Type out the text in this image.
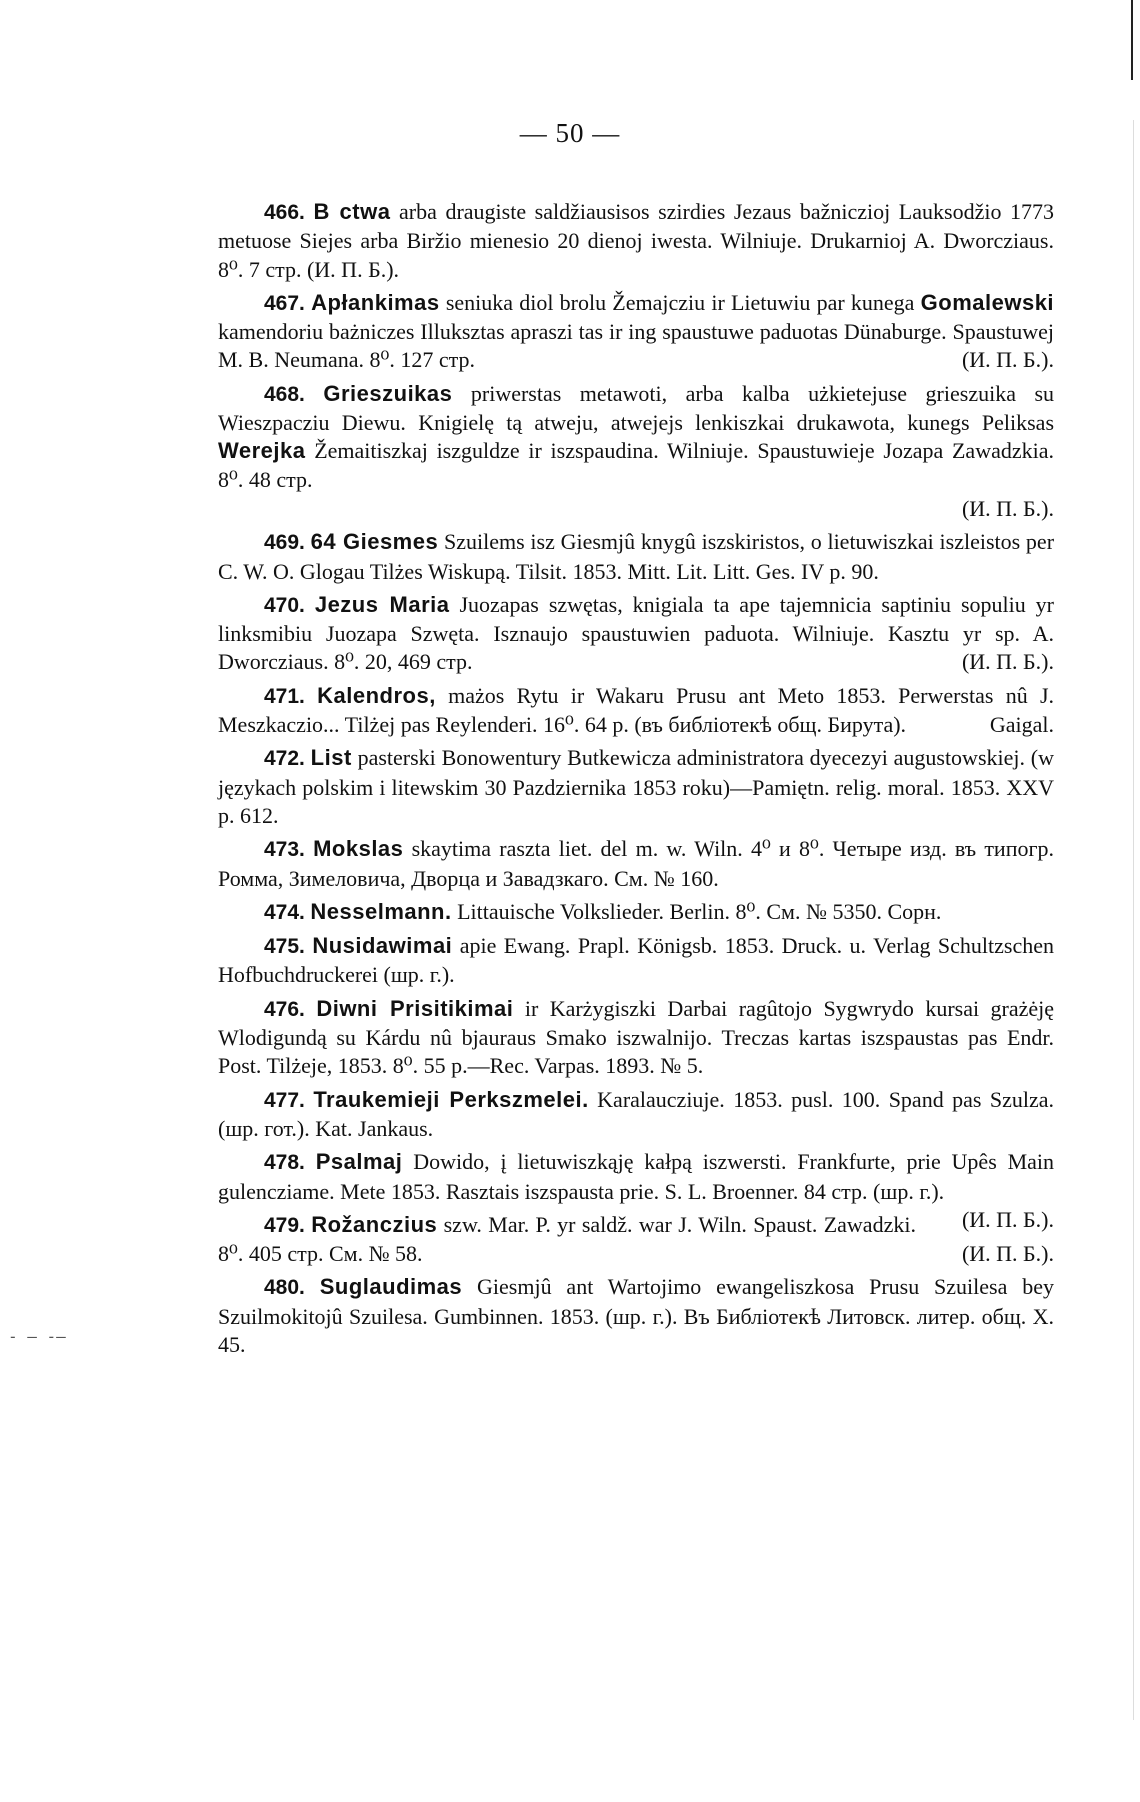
- — -—

— 50 —

466. B ctwa arba draugiste saldžiausisos szirdies Jezaus bažniczioj Lauksodžio 1773 metuose Siejes arba Biržio mienesio 20 dienoj iwesta. Wilniuje. Drukarnioj A. Dworcziaus. 8⁰. 7 стр. (И. П. Б.).

467. Apłankimas seniuka diol brolu Žemajcziu ir Lietuwiu par kunega Gomalewski kamendoriu bażniczes Illuksztas apraszi tas ir ing spaustuwe paduotas Dünaburge. Spaustuwej M. B. Neumana. 8⁰. 127 стр.	(И. П. Б.).

468. Grieszuikas priwerstas metawoti, arba kalba użkietejuse grieszuika su Wieszpacziu Diewu. Knigielę tą atweju, atwejejs lenkiszkai drukawota, kunegs Peliksas Werejka Žemaitiszkaj iszguldze ir iszspaudina. Wilniuje. Spaustuwieje Jozapa Zawadzkia. 8⁰. 48 стр.

(И. П. Б.).

469. 64 Giesmes Szuilems isz Giesmjû knygû iszskiristos, o lietuwiszkai iszleistos per C. W. O. Glogau Tilżes Wiskupą. Tilsit. 1853. Mitt. Lit. Litt. Ges. IV p. 90.

470. Jezus Maria Juozapas szwętas, knigiala ta ape tajemnicia saptiniu sopuliu yr linksmibiu Juozapa Szwęta. Isznaujo spaustuwien paduota. Wilniuje. Kasztu yr sp. A. Dworcziaus. 8⁰. 20, 469 стр.	(И. П. Б.).

471. Kalendros, mażos Rytu ir Wakaru Prusu ant Meto 1853. Perwerstas nû J. Meszkaczio... Tilżej pas Reylenderi. 16⁰. 64 p. (въ библіотекѣ общ. Бирута).	Gaigal.

472. List pasterski Bonowentury Butkewicza administratora dyecezyi augustowskiej. (w językach polskim i litewskim 30 Pazdziernika 1853 roku)—Pamiętn. relig. moral. 1853. XXV p. 612.

473. Mokslas skaytima raszta liet. del m. w. Wiln. 4⁰ и 8⁰. Четыре изд. въ типогр. Ромма, Зимеловича, Дворца и Завадзкаго. См. № 160.

474. Nesselmann. Littauische Volkslieder. Berlin. 8⁰. См. № 5350. Сорн.

475. Nusidawimai apie Ewang. Prapl. Königsb. 1853. Druck. u. Verlag Schultzschen Hofbuchdruckerei (шр. г.).

476. Diwni Prisitikimai ir Karżygiszki Darbai ragûtojo Sygwrydo kursai grażėję Wlodigundą su Kárdu nû bjauraus Smako iszwalnijo. Treczas kartas iszspaustas pas Endr. Post. Tilżeje, 1853. 8⁰. 55 p.—Rec. Varpas. 1893. № 5.

477. Traukemieji Perkszmelei. Karalaucziuje. 1853. pusl. 100. Spand pas Szulza. (шр. гот.). Kat. Jankaus.

478. Psalmaj Dowido, į lietuwiszkąję kałpą iszwersti. Frankfurte, prie Upês Main gulencziame. Mete 1853. Rasztais iszspausta prie. S. L. Broenner. 84 стр. (шр. г.).
(И. П. Б.).

479. Rožanczius szw. Mar. P. yr saldž. war J. Wiln. Spaust. Zawadzki. 8⁰. 405 стр. См. № 58.	(И. П. Б.).

480. Suglaudimas Giesmjû ant Wartojimo ewangeliszkosa Prusu Szuilesa bey Szuilmokitojû Szuilesa. Gumbinnen. 1853. (шр. г.). Въ Библіотекѣ Литовск. литер. общ. Х. 45.
